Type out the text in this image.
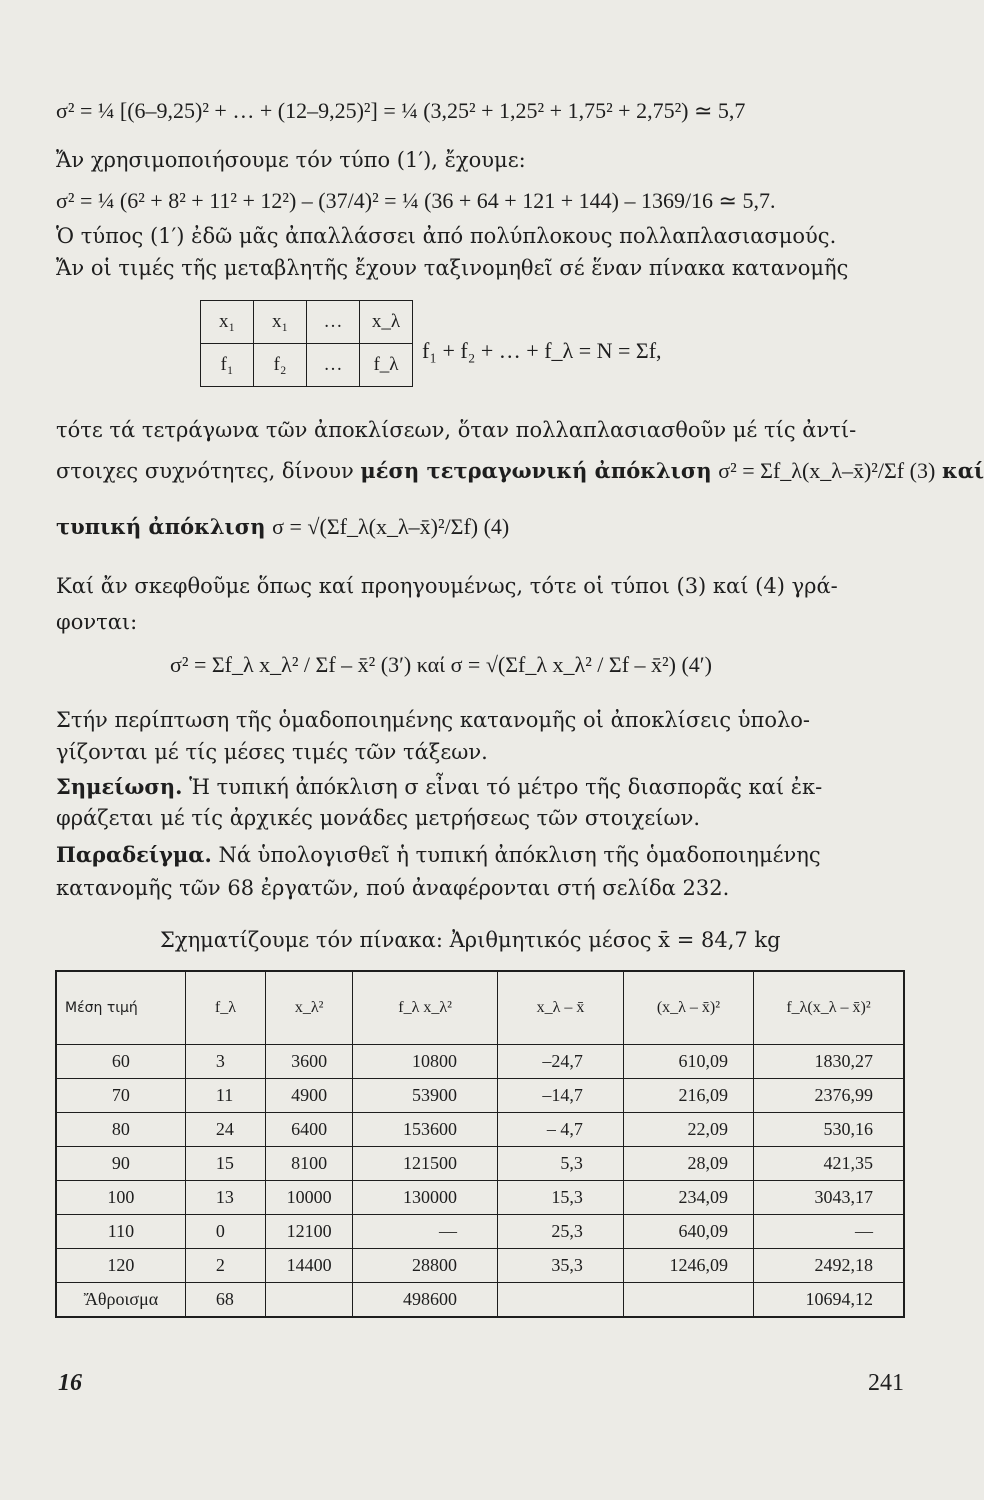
σ² = ¼ [(6–9,25)² + … + (12–9,25)²] = ¼ (3,25² + 1,25² + 1,75² + 2,75²) ≃ 5,7
Ἄν χρησιμοποιήσουμε τόν τύπο (1′), ἔχουμε:
σ² = ¼ (6² + 8² + 11² + 12²) – (37/4)² = ¼ (36 + 64 + 121 + 144) – 1369/16 ≃ 5,7.
Ὁ τύπος (1′) ἐδῶ μᾶς ἀπαλλάσσει ἀπό πολύπλοκους πολλαπλασιασμούς.
Ἄν οἱ τιμές τῆς μεταβλητῆς ἔχουν ταξινομηθεῖ σέ ἕναν πίνακα κατανομῆς
x₁	x₁	…	x_λ
f₁	f₂	…	f_λ
f₁ + f₂ + … + f_λ = N = Σf,
τότε τά τετράγωνα τῶν ἀποκλίσεων, ὅταν πολλαπλασιασθοῦν μέ τίς ἀντί-
στοιχες συχνότητες, δίνουν μέση τετραγωνική ἀπόκλιση σ² = Σf_λ(x_λ–x̄)²/Σf (3) καί
τυπική ἀπόκλιση σ = √(Σf_λ(x_λ–x̄)²/Σf) (4)
Καί ἄν σκεφθοῦμε ὅπως καί προηγουμένως, τότε οἱ τύποι (3) καί (4) γρά-
φονται:
σ² = Σf_λ x_λ² / Σf – x̄² (3′) καί σ = √(Σf_λ x_λ² / Σf – x̄²) (4′)
Στήν περίπτωση τῆς ὁμαδοποιημένης κατανομῆς οἱ ἀποκλίσεις ὑπολο-
γίζονται μέ τίς μέσες τιμές τῶν τάξεων.
Σημείωση. Ἡ τυπική ἀπόκλιση σ εἶναι τό μέτρο τῆς διασπορᾶς καί ἐκ-
φράζεται μέ τίς ἀρχικές μονάδες μετρήσεως τῶν στοιχείων.
Παραδείγμα. Νά ὑπολογισθεῖ ἡ τυπική ἀπόκλιση τῆς ὁμαδοποιημένης
κατανομῆς τῶν 68 ἐργατῶν, πού ἀναφέρονται στή σελίδα 232.
Σχηματίζουμε τόν πίνακα: Ἀριθμητικός μέσος x̄ = 84,7 kg
Μέση τιμή	f_λ	x_λ²	f_λ x_λ²	x_λ – x̄	(x_λ – x̄)²	f_λ(x_λ – x̄)²
60	3	3600	10800	–24,7	610,09	1830,27
70	11	4900	53900	–14,7	216,09	2376,99
80	24	6400	153600	– 4,7	22,09	530,16
90	15	8100	121500	5,3	28,09	421,35
100	13	10000	130000	15,3	234,09	3043,17
110	0	12100	—	25,3	640,09	—
120	2	14400	28800	35,3	1246,09	2492,18
Ἄθροισμα	68		498600			10694,12
16	241
